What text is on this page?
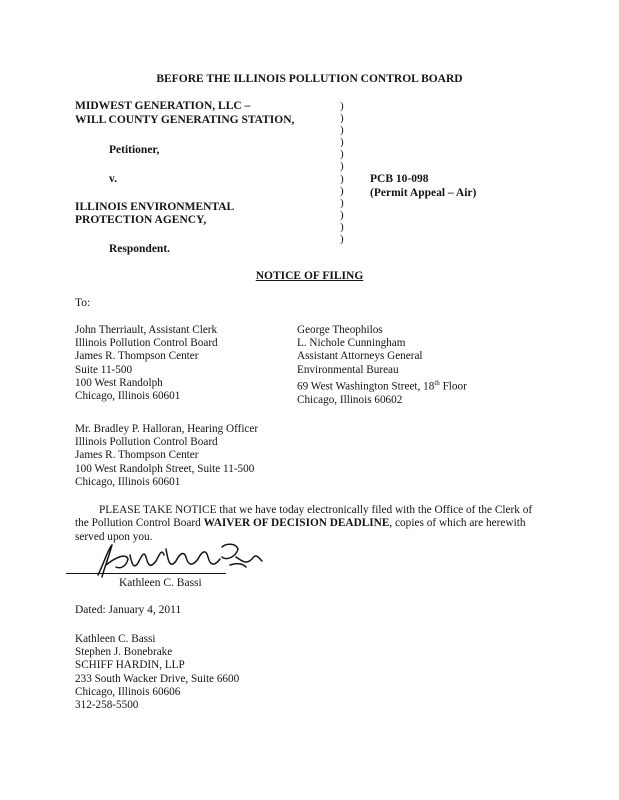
BEFORE THE ILLINOIS POLLUTION CONTROL BOARD
MIDWEST GENERATION, LLC –
WILL COUNTY GENERATING STATION,
Petitioner,
v.
ILLINOIS ENVIRONMENTAL
PROTECTION AGENCY,
Respondent.
)
)
)
)
)
)
)
)
)
)
)
)
PCB 10-098
(Permit Appeal – Air)
NOTICE OF FILING
To:
John Therriault, Assistant Clerk
Illinois Pollution Control Board
James R. Thompson Center
Suite 11-500
100 West Randolph
Chicago, Illinois 60601
George Theophilos
L. Nichole Cunningham
Assistant Attorneys General
Environmental Bureau
69 West Washington Street, 18th Floor
Chicago, Illinois 60602
Mr. Bradley P. Halloran, Hearing Officer
Illinois Pollution Control Board
James R. Thompson Center
100 West Randolph Street, Suite 11-500
Chicago, Illinois 60601
PLEASE TAKE NOTICE that we have today electronically filed with the Office of the Clerk of the Pollution Control Board WAIVER OF DECISION DEADLINE, copies of which are herewith served upon you.
Kathleen C. Bassi
Dated: January 4, 2011
Kathleen C. Bassi
Stephen J. Bonebrake
SCHIFF HARDIN, LLP
233 South Wacker Drive, Suite 6600
Chicago, Illinois 60606
312-258-5500
